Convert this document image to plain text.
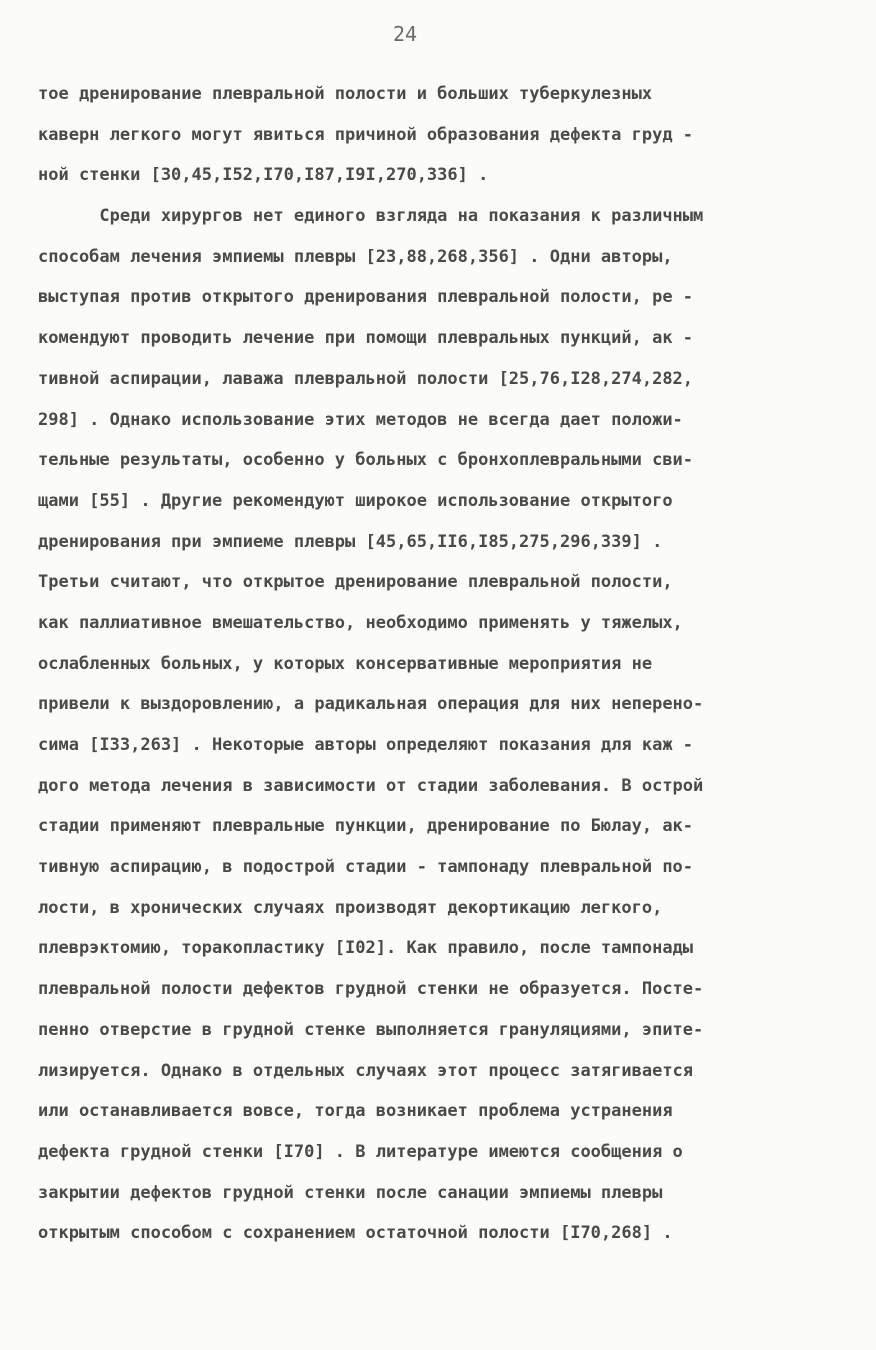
24
тое дренирование плевральной полости и больших туберкулезных
каверн легкого могут явиться причиной образования дефекта груд -
ной стенки [30,45,I52,I70,I87,I9I,270,336] .
Среди хирургов нет единого взгляда на показания к различным
способам лечения эмпиемы плевры [23,88,268,356] . Одни авторы,
выступая против открытого дренирования плевральной полости, ре -
комендуют проводить лечение при помощи плевральных пункций, ак -
тивной аспирации, лаважа плевральной полости [25,76,I28,274,282,
298] . Однако использование этих методов не всегда дает положи-
тельные результаты, особенно у больных с бронхоплевральными сви-
щами [55] . Другие рекомендуют широкое использование открытого
дренирования при эмпиеме плевры [45,65,II6,I85,275,296,339] .
Третьи считают, что открытое дренирование плевральной полости,
как паллиативное вмешательство, необходимо применять у тяжелых,
ослабленных больных, у которых консервативные мероприятия не
привели к выздоровлению, а радикальная операция для них неперено-
сима [I33,263] . Некоторые авторы определяют показания для каж -
дого метода лечения в зависимости от стадии заболевания. В острой
стадии применяют плевральные пункции, дренирование по Бюлау, ак-
тивную аспирацию, в подострой стадии - тампонаду плевральной по-
лости, в хронических случаях производят декортикацию легкого,
плеврэктомию, торакопластику [I02]. Как правило, после тампонады
плевральной полости дефектов грудной стенки не образуется. Посте-
пенно отверстие в грудной стенке выполняется грануляциями, эпите-
лизируется. Однако в отдельных случаях этот процесс затягивается
или останавливается вовсе, тогда возникает проблема устранения
дефекта грудной стенки [I70] . В литературе имеются сообщения о
закрытии дефектов грудной стенки после санации эмпиемы плевры
открытым способом с сохранением остаточной полости [I70,268] .
